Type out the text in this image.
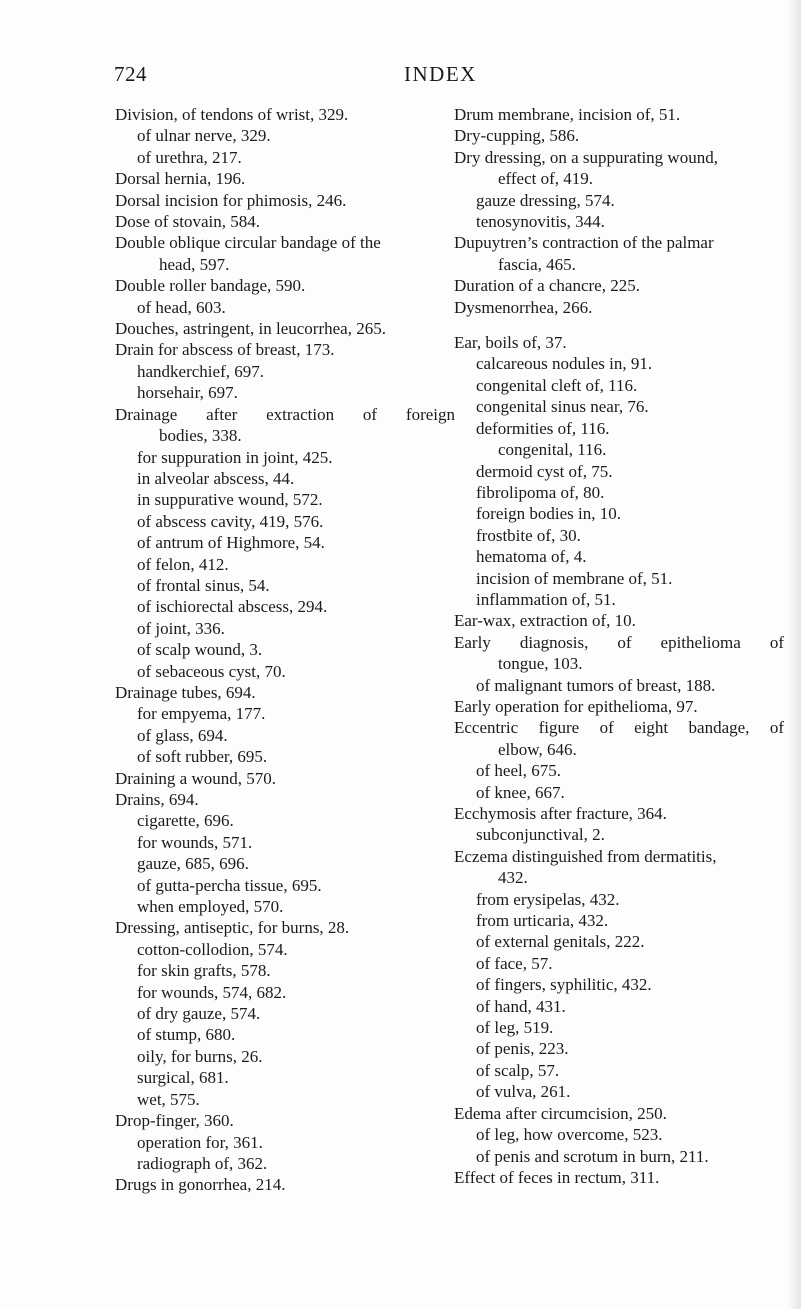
724	INDEX
Division, of tendons of wrist, 329.
of ulnar nerve, 329.
of urethra, 217.
Dorsal hernia, 196.
Dorsal incision for phimosis, 246.
Dose of stovain, 584.
Double oblique circular bandage of the
head, 597.
Double roller bandage, 590.
of head, 603.
Douches, astringent, in leucorrhea, 265.
Drain for abscess of breast, 173.
handkerchief, 697.
horsehair, 697.
Drainage after extraction of foreign
bodies, 338.
for suppuration in joint, 425.
in alveolar abscess, 44.
in suppurative wound, 572.
of abscess cavity, 419, 576.
of antrum of Highmore, 54.
of felon, 412.
of frontal sinus, 54.
of ischiorectal abscess, 294.
of joint, 336.
of scalp wound, 3.
of sebaceous cyst, 70.
Drainage tubes, 694.
for empyema, 177.
of glass, 694.
of soft rubber, 695.
Draining a wound, 570.
Drains, 694.
cigarette, 696.
for wounds, 571.
gauze, 685, 696.
of gutta-percha tissue, 695.
when employed, 570.
Dressing, antiseptic, for burns, 28.
cotton-collodion, 574.
for skin grafts, 578.
for wounds, 574, 682.
of dry gauze, 574.
of stump, 680.
oily, for burns, 26.
surgical, 681.
wet, 575.
Drop-finger, 360.
operation for, 361.
radiograph of, 362.
Drugs in gonorrhea, 214.
Drum membrane, incision of, 51.
Dry-cupping, 586.
Dry dressing, on a suppurating wound,
effect of, 419.
gauze dressing, 574.
tenosynovitis, 344.
Dupuytren’s contraction of the palmar
fascia, 465.
Duration of a chancre, 225.
Dysmenorrhea, 266.
Ear, boils of, 37.
calcareous nodules in, 91.
congenital cleft of, 116.
congenital sinus near, 76.
deformities of, 116.
congenital, 116.
dermoid cyst of, 75.
fibrolipoma of, 80.
foreign bodies in, 10.
frostbite of, 30.
hematoma of, 4.
incision of membrane of, 51.
inflammation of, 51.
Ear-wax, extraction of, 10.
Early diagnosis, of epithelioma of
tongue, 103.
of malignant tumors of breast, 188.
Early operation for epithelioma, 97.
Eccentric figure of eight bandage, of
elbow, 646.
of heel, 675.
of knee, 667.
Ecchymosis after fracture, 364.
subconjunctival, 2.
Eczema distinguished from dermatitis,
432.
from erysipelas, 432.
from urticaria, 432.
of external genitals, 222.
of face, 57.
of fingers, syphilitic, 432.
of hand, 431.
of leg, 519.
of penis, 223.
of scalp, 57.
of vulva, 261.
Edema after circumcision, 250.
of leg, how overcome, 523.
of penis and scrotum in burn, 211.
Effect of feces in rectum, 311.
